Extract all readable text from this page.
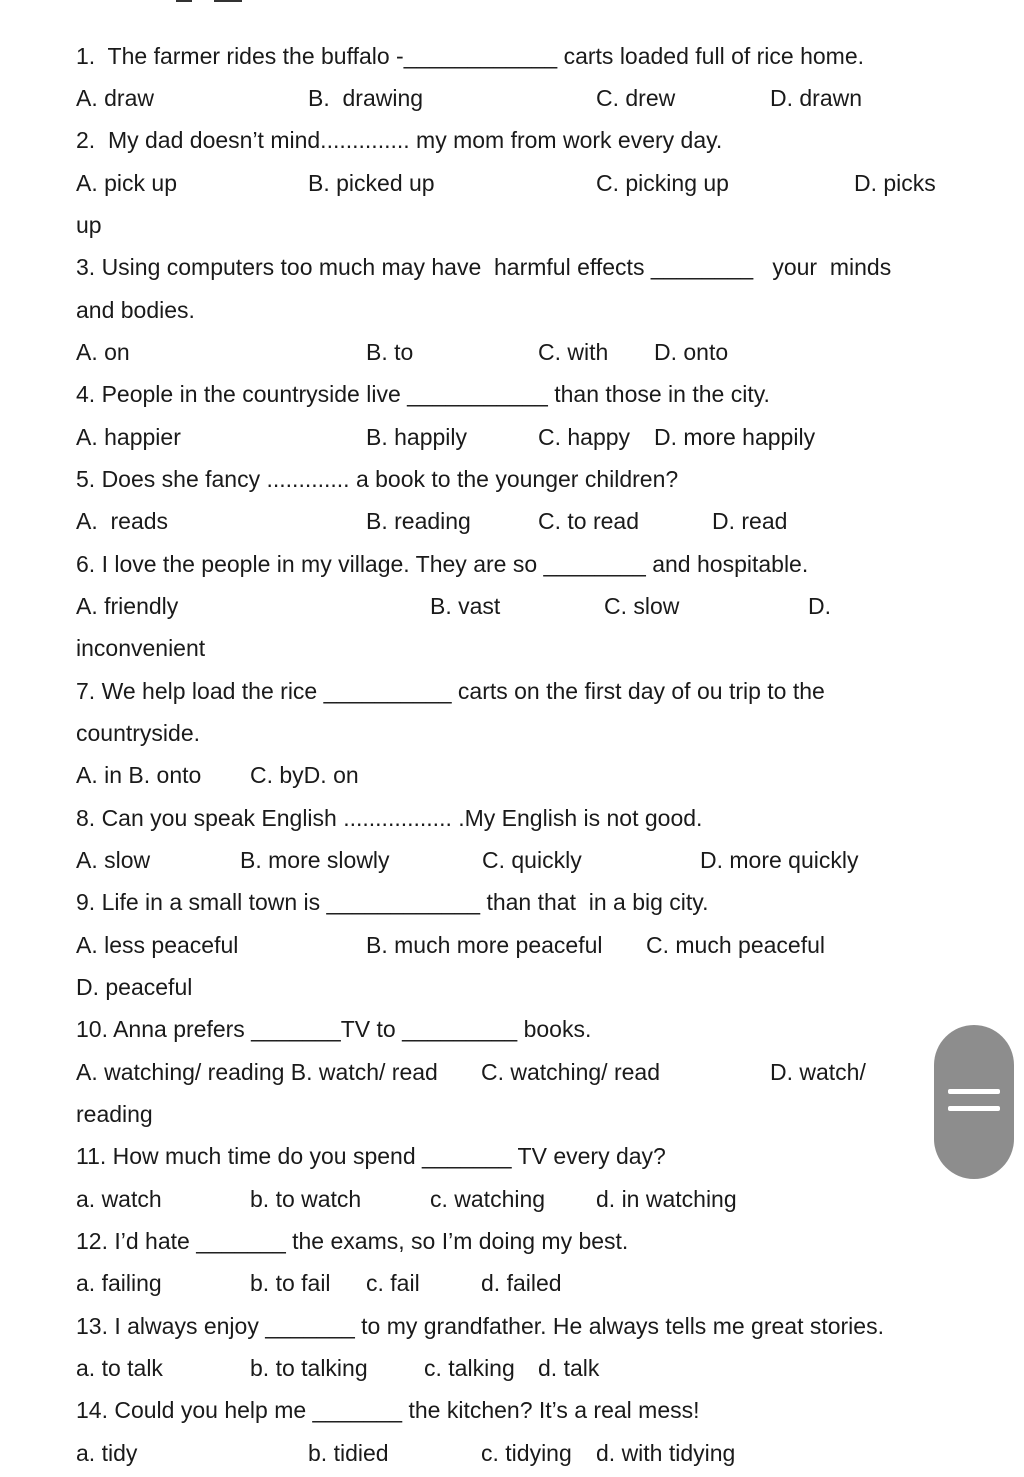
1.  The farmer rides the buffalo -____________ carts loaded full of rice home.
A. draw	B.  drawing	C. drew	D. drawn
2.  My dad doesn’t mind.............. my mom from work every day.
A. pick up	B. picked up	C. picking up	D. picks
up
3. Using computers too much may have  harmful effects ________   your  minds
and bodies.
A. on	B. to	C. with D. onto
4. People in the countryside live ___________ than those in the city.
A. happier	B. happily	C. happy D. more happily
5. Does she fancy ............. a book to the younger children?
A.  reads	B. reading	C. to read	D. read
6. I love the people in my village. They are so ________ and hospitable.
A. friendly	B. vast	C. slow	D.
inconvenient
7. We help load the rice __________ carts on the first day of ou trip to the
countryside.
A. in B. onto C. byD. on
8. Can you speak English ................. .My English is not good.
A. slow	B. more slowly	C. quickly	D. more quickly
9. Life in a small town is ____________ than that  in a big city.
A. less peaceful	B. much more peaceful C. much peaceful
D. peaceful
10. Anna prefers _______TV to _________ books.
A. watching/ reading B. watch/ read C. watching/ read	D. watch/
reading
11. How much time do you spend _______ TV every day?
a. watch	b. to watch	c. watching d. in watching
12. I’d hate _______ the exams, so I’m doing my best.
a. failing	b. to fail c. fail	d. failed
13. I always enjoy _______ to my grandfather. He always tells me great stories.
a. to talk	b. to talking c. talking d. talk
14. Could you help me _______ the kitchen? It’s a real mess!
a. tidy	b. tidied	c. tidying d. with tidying
